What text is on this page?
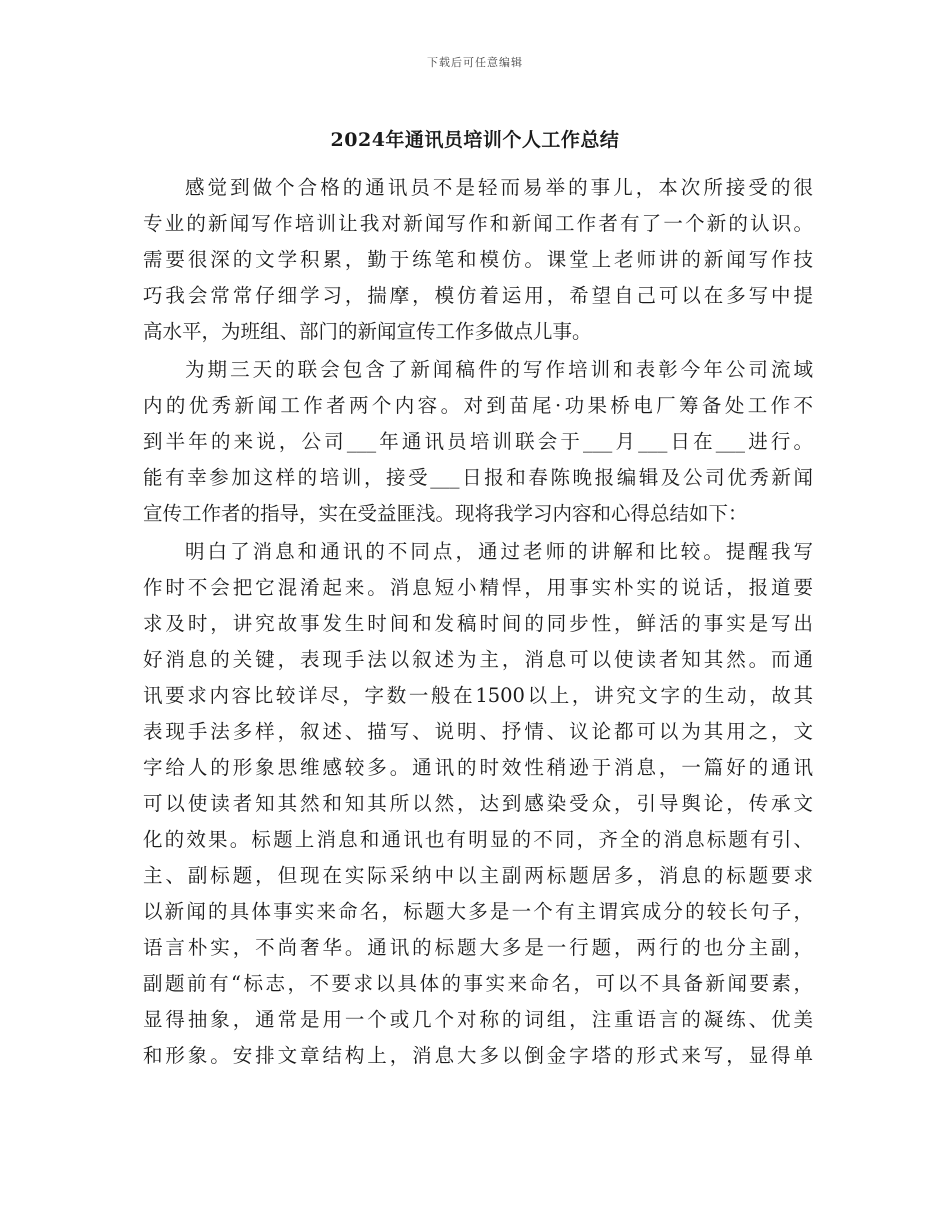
下载后可任意编辑
2024年通讯员培训个人工作总结
感觉到做个合格的通讯员不是轻而易举的事儿，本次所接受的很
专业的新闻写作培训让我对新闻写作和新闻工作者有了一个新的认识。
需要很深的文学积累，勤于练笔和模仿。课堂上老师讲的新闻写作技
巧我会常常仔细学习，揣摩，模仿着运用，希望自己可以在多写中提
高水平，为班组、部门的新闻宣传工作多做点儿事。
为期三天的联会包含了新闻稿件的写作培训和表彰今年公司流域
内的优秀新闻工作者两个内容。对到苗尾·功果桥电厂筹备处工作不
到半年的来说，公司___年通讯员培训联会于___月___日在___进行。
能有幸参加这样的培训，接受___日报和春陈晚报编辑及公司优秀新闻
宣传工作者的指导，实在受益匪浅。现将我学习内容和心得总结如下：
明白了消息和通讯的不同点，通过老师的讲解和比较。提醒我写
作时不会把它混淆起来。消息短小精悍，用事实朴实的说话，报道要
求及时，讲究故事发生时间和发稿时间的同步性，鲜活的事实是写出
好消息的关键，表现手法以叙述为主，消息可以使读者知其然。而通
讯要求内容比较详尽，字数一般在1500以上，讲究文字的生动，故其
表现手法多样，叙述、描写、说明、抒情、议论都可以为其用之，文
字给人的形象思维感较多。通讯的时效性稍逊于消息，一篇好的通讯
可以使读者知其然和知其所以然，达到感染受众，引导舆论，传承文
化的效果。标题上消息和通讯也有明显的不同，齐全的消息标题有引、
主、副标题，但现在实际采纳中以主副两标题居多，消息的标题要求
以新闻的具体事实来命名，标题大多是一个有主谓宾成分的较长句子，
语言朴实，不尚奢华。通讯的标题大多是一行题，两行的也分主副，
副题前有“标志，不要求以具体的事实来命名，可以不具备新闻要素，
显得抽象，通常是用一个或几个对称的词组，注重语言的凝练、优美
和形象。安排文章结构上，消息大多以倒金字塔的形式来写，显得单
